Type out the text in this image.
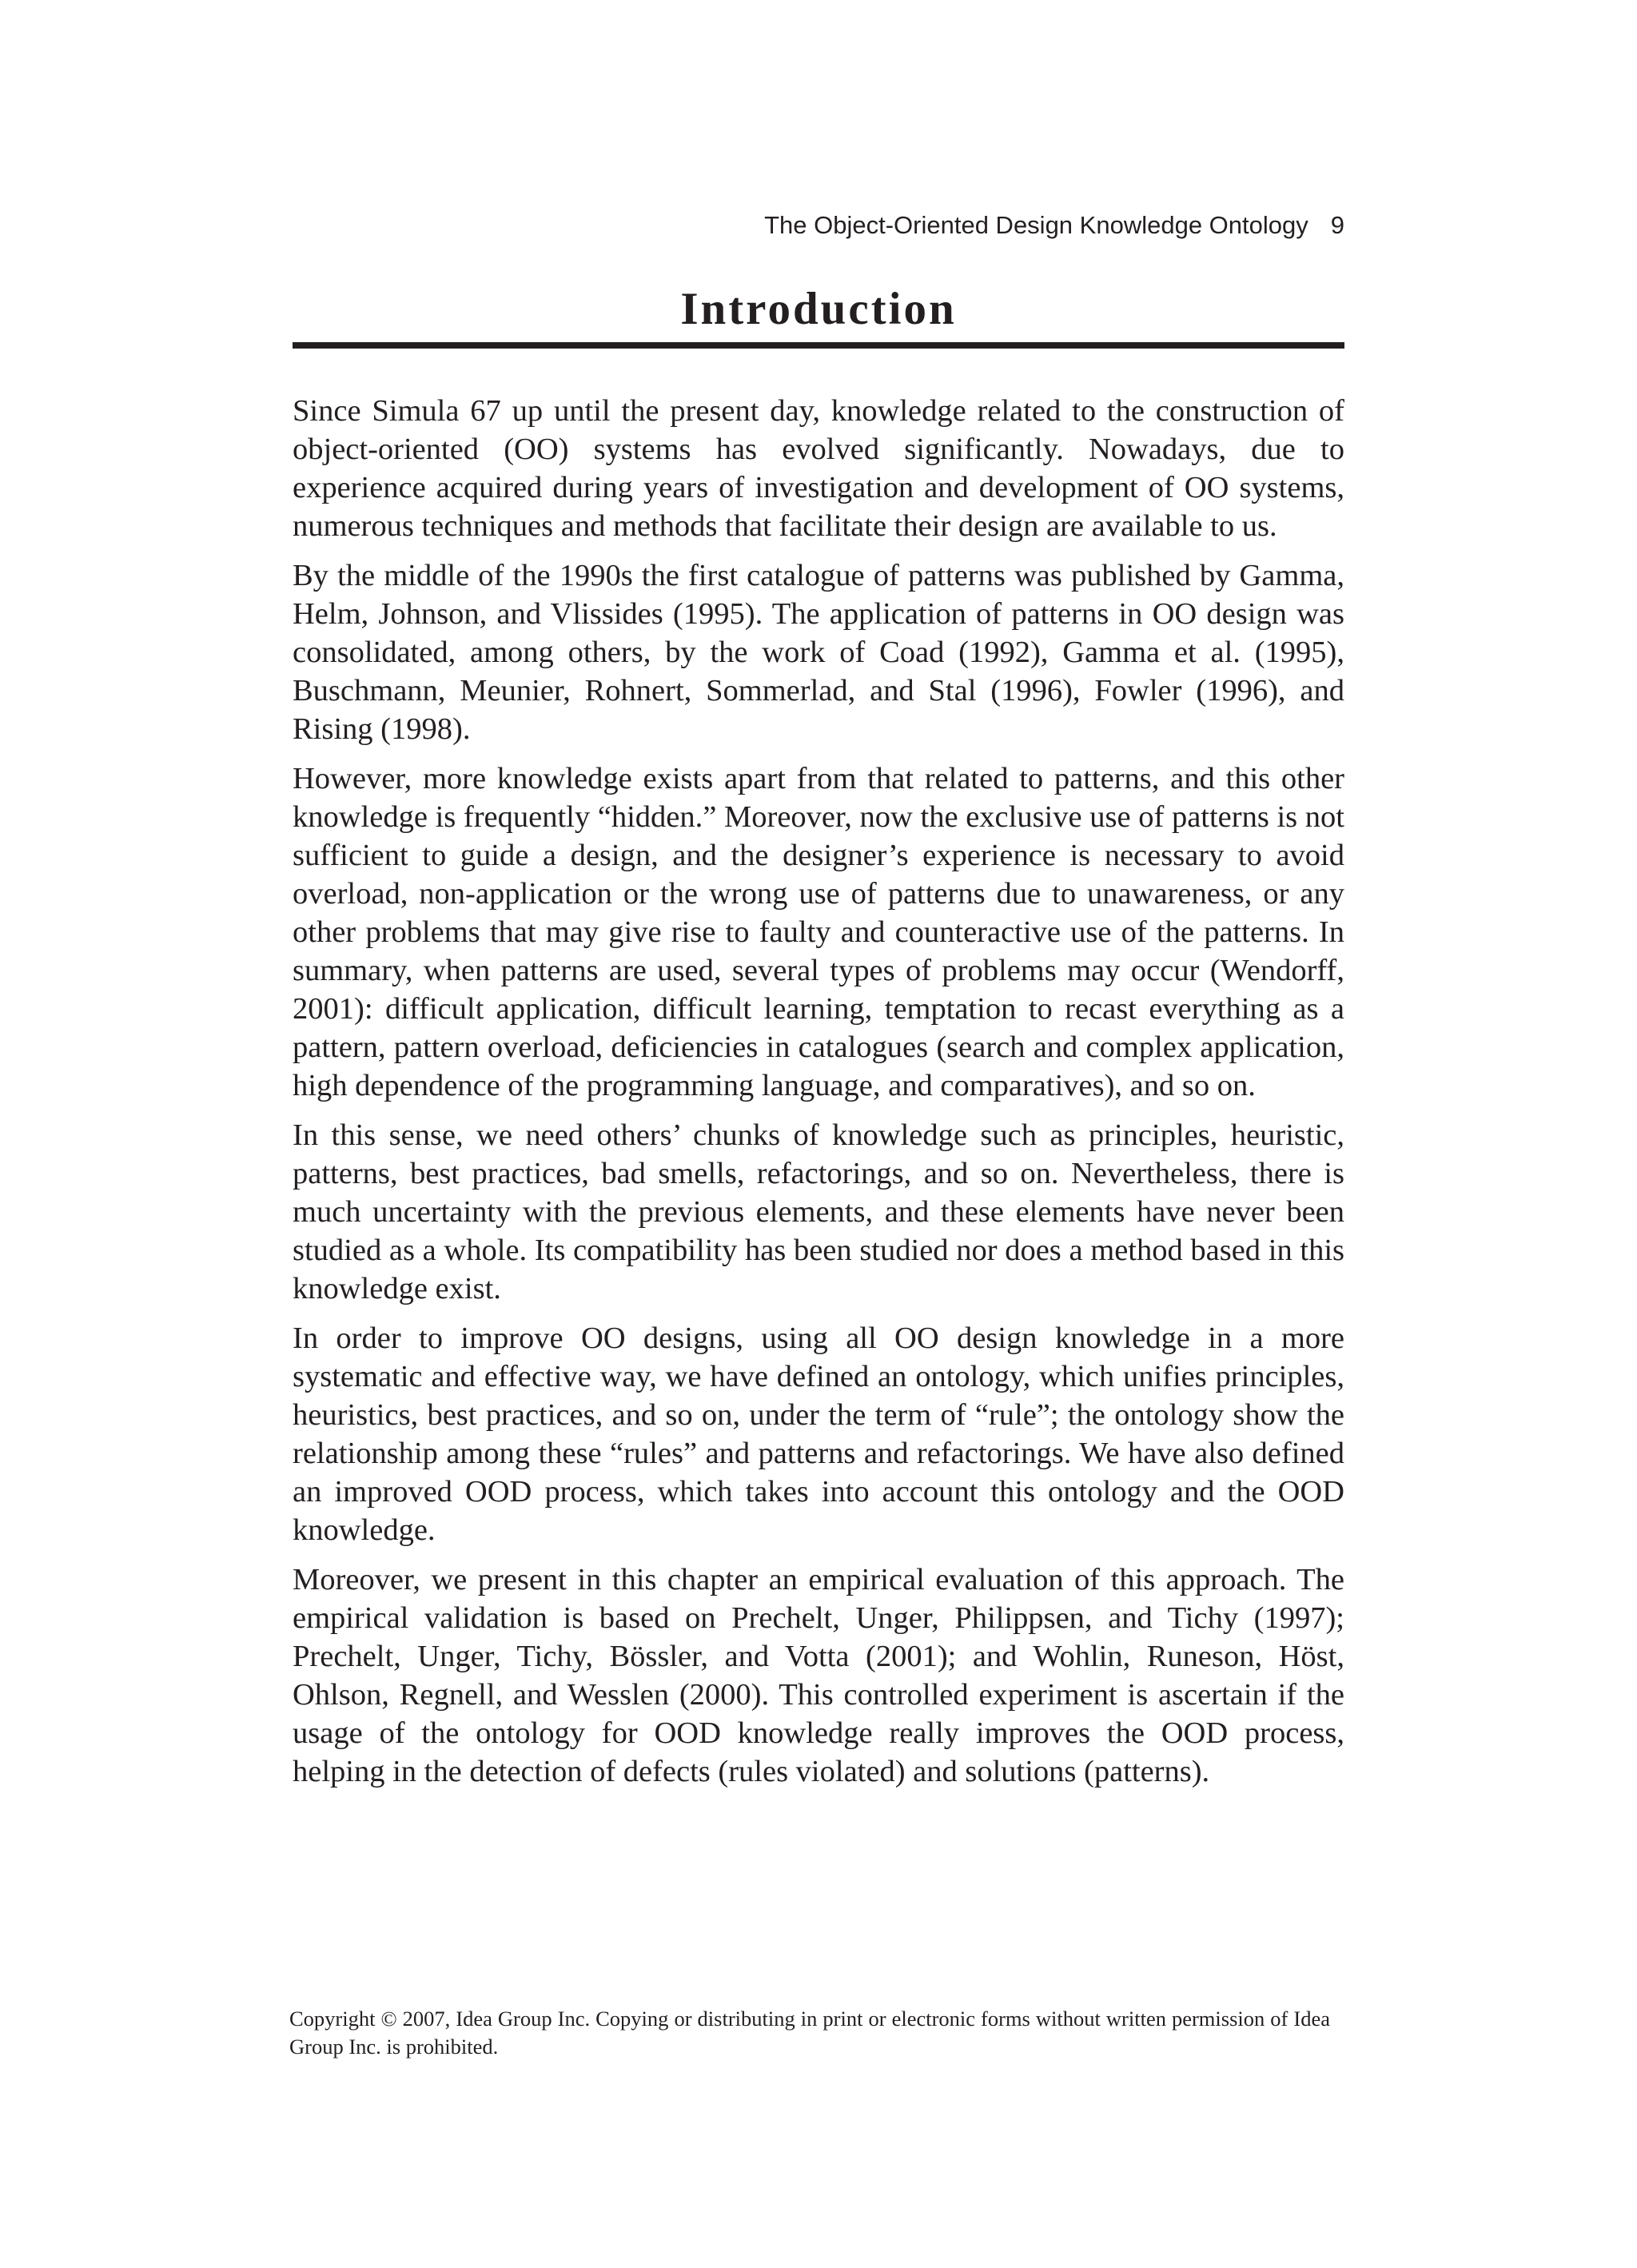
The Object-Oriented Design Knowledge Ontology 9
Introduction

Since Simula 67 up until the present day, knowledge related to the construction of object-oriented (OO) systems has evolved significantly. Nowadays, due to experience acquired during years of investigation and development of OO systems, numerous techniques and methods that facilitate their design are available to us.

By the middle of the 1990s the first catalogue of patterns was published by Gamma, Helm, Johnson, and Vlissides (1995). The application of patterns in OO design was consolidated, among others, by the work of Coad (1992), Gamma et al. (1995), Buschmann, Meunier, Rohnert, Sommerlad, and Stal (1996), Fowler (1996), and Rising (1998).

However, more knowledge exists apart from that related to patterns, and this other knowledge is frequently “hidden.” Moreover, now the exclusive use of patterns is not sufficient to guide a design, and the designer’s experience is necessary to avoid overload, non-application or the wrong use of patterns due to unawareness, or any other problems that may give rise to faulty and counteractive use of the patterns. In summary, when patterns are used, several types of problems may occur (Wendorff, 2001): difficult application, difficult learning, temptation to recast everything as a pattern, pattern overload, deficiencies in catalogues (search and complex application, high dependence of the programming language, and comparatives), and so on.

In this sense, we need others’ chunks of knowledge such as principles, heuristic, patterns, best practices, bad smells, refactorings, and so on. Nevertheless, there is much uncertainty with the previous elements, and these elements have never been studied as a whole. Its compatibility has been studied nor does a method based in this knowledge exist.

In order to improve OO designs, using all OO design knowledge in a more systematic and effective way, we have defined an ontology, which unifies principles, heuristics, best practices, and so on, under the term of “rule”; the ontology show the relationship among these “rules” and patterns and refactorings. We have also defined an improved OOD process, which takes into account this ontology and the OOD knowledge.

Moreover, we present in this chapter an empirical evaluation of this approach. The empirical validation is based on Prechelt, Unger, Philippsen, and Tichy (1997); Prechelt, Unger, Tichy, Bössler, and Votta (2001); and Wohlin, Runeson, Höst, Ohlson, Regnell, and Wesslen (2000). This controlled experiment is ascertain if the usage of the ontology for OOD knowledge really improves the OOD process, helping in the detection of defects (rules violated) and solutions (patterns).

Copyright © 2007, Idea Group Inc. Copying or distributing in print or electronic forms without written permission of Idea Group Inc. is prohibited.
